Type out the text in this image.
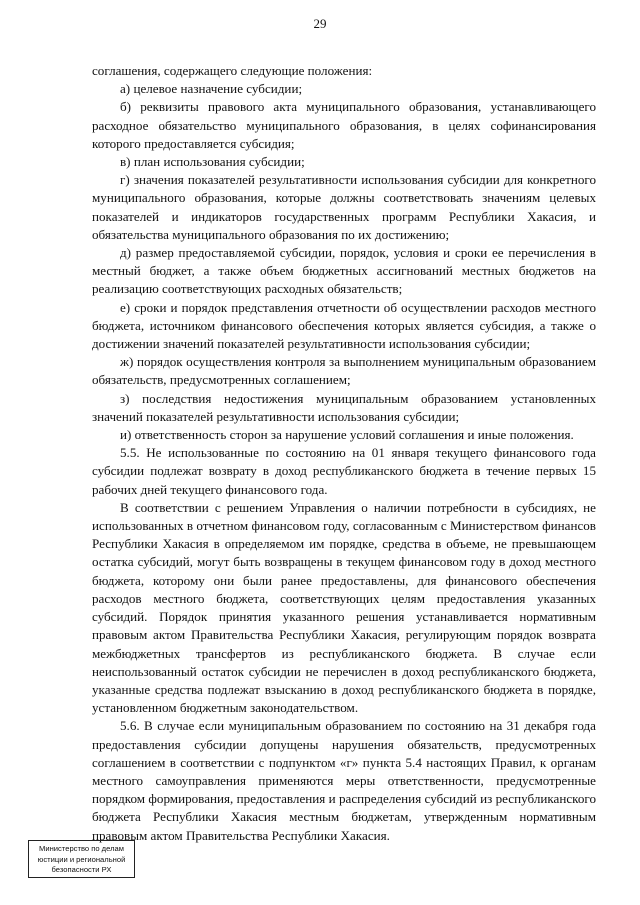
29

соглашения, содержащего следующие положения:

а) целевое назначение субсидии;

б) реквизиты правового акта муниципального образования, устанавливающего расходное обязательство муниципального образования, в целях софинансирования которого предоставляется субсидия;

в) план использования субсидии;

г) значения показателей результативности использования субсидии для конкретного муниципального образования, которые должны соответствовать значениям целевых показателей и индикаторов государственных программ Республики Хакасия, и обязательства муниципального образования по их достижению;

д) размер предоставляемой субсидии, порядок, условия и сроки ее перечисления в местный бюджет, а также объем бюджетных ассигнований местных бюджетов на реализацию соответствующих расходных обязательств;

е) сроки и порядок представления отчетности об осуществлении расходов местного бюджета, источником финансового обеспечения которых является субсидия, а также о достижении значений показателей результативности использования субсидии;

ж) порядок осуществления контроля за выполнением муниципальным образованием обязательств, предусмотренных соглашением;

з) последствия недостижения муниципальным образованием установленных значений показателей результативности использования субсидии;

и) ответственность сторон за нарушение условий соглашения и иные положения.

5.5. Не использованные по состоянию на 01 января текущего финансового года субсидии подлежат возврату в доход республиканского бюджета в течение первых 15 рабочих дней текущего финансового года.

В соответствии с решением Управления о наличии потребности в субсидиях, не использованных в отчетном финансовом году, согласованным с Министерством финансов Республики Хакасия в определяемом им порядке, средства в объеме, не превышающем остатка субсидий, могут быть возвращены в текущем финансовом году в доход местного бюджета, которому они были ранее предоставлены, для финансового обеспечения расходов местного бюджета, соответствующих целям предоставления указанных субсидий. Порядок принятия указанного решения устанавливается нормативным правовым актом Правительства Республики Хакасия, регулирующим порядок возврата межбюджетных трансфертов из республиканского бюджета. В случае если неиспользованный остаток субсидии не перечислен в доход республиканского бюджета, указанные средства подлежат взысканию в доход республиканского бюджета в порядке, установленном бюджетным законодательством.

5.6. В случае если муниципальным образованием по состоянию на 31 декабря года предоставления субсидии допущены нарушения обязательств, предусмотренных соглашением в соответствии с подпунктом «г» пункта 5.4 настоящих Правил, к органам местного самоуправления применяются меры ответственности, предусмотренные порядком формирования, предоставления и распределения субсидий из республиканского бюджета Республики Хакасия местным бюджетам, утвержденным нормативным правовым актом Правительства Республики Хакасия.

Министерство по делам
юстиции и региональной
безопасности РХ
